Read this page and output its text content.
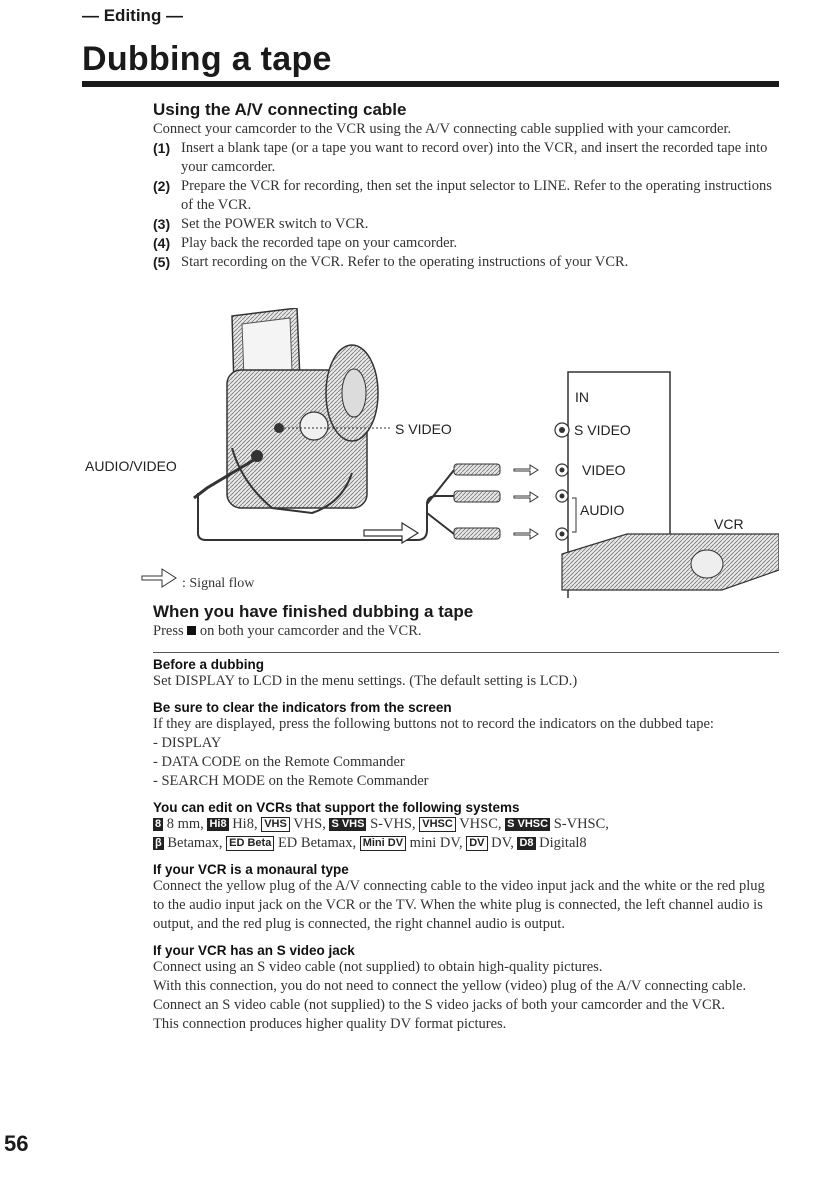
— Editing —
Dubbing a tape
Using the A/V connecting cable

Connect your camcorder to the VCR using the A/V connecting cable supplied with your camcorder.

(1) Insert a blank tape (or a tape you want to record over) into the VCR, and insert the recorded tape into your camcorder.
(2) Prepare the VCR for recording, then set the input selector to LINE. Refer to the operating instructions of the VCR.
(3) Set the POWER switch to VCR.
(4) Play back the recorded tape on your camcorder.
(5) Start recording on the VCR. Refer to the operating instructions of your VCR.
IN
S VIDEO
VIDEO
AUDIO
VCR
S VIDEO
AUDIO/VIDEO
: Signal flow
When you have finished dubbing a tape

Press on both your camcorder and the VCR.

Before a dubbing

Set DISPLAY to LCD in the menu settings. (The default setting is LCD.)

Be sure to clear the indicators from the screen

If they are displayed, press the following buttons not to record the indicators on the dubbed tape:

- DISPLAY

- DATA CODE on the Remote Commander

- SEARCH MODE on the Remote Commander

You can edit on VCRs that support the following systems

8 8 mm, Hi8 Hi8, VHS VHS, S VHS S-VHS, VHSC VHSC, S VHSC S-VHSC,

β Betamax, ED Beta ED Betamax, Mini DV mini DV, DV DV, D8 Digital8

If your VCR is a monaural type

Connect the yellow plug of the A/V connecting cable to the video input jack and the white or the red plug to the audio input jack on the VCR or the TV. When the white plug is connected, the left channel audio is output, and the red plug is connected, the right channel audio is output.

If your VCR has an S video jack

Connect using an S video cable (not supplied) to obtain high-quality pictures.

With this connection, you do not need to connect the yellow (video) plug of the A/V connecting cable.

Connect an S video cable (not supplied) to the S video jacks of both your camcorder and the VCR.

This connection produces higher quality DV format pictures.

56
